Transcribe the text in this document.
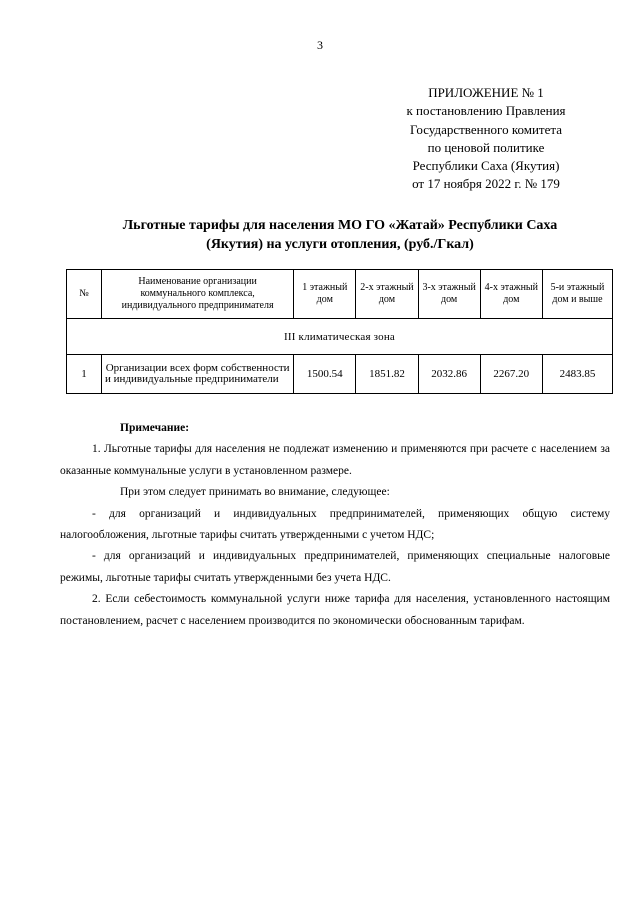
3
ПРИЛОЖЕНИЕ № 1
к постановлению Правления
Государственного комитета
по ценовой политике
Республики Саха (Якутия)
от 17 ноября 2022 г. № 179
Льготные тарифы для населения МО ГО «Жатай» Республики Саха
(Якутия) на услуги отопления, (руб./Гкал)
№	Наименование организации коммунального комплекса, индивидуального предпринимателя	1 этажный дом	2-х этажный дом	3-х этажный дом	4-х этажный дом	5-и этажный дом и выше
III климатическая зона						
1	Организации всех форм собственности и индивидуальные предприниматели	1500.54	1851.82	2032.86	2267.20	2483.85
Примечание:

1. Льготные тарифы для населения не подлежат изменению и применяются при расчете с населением за оказанные коммунальные услуги в установленном размере.

При этом следует принимать во внимание, следующее:

- для организаций и индивидуальных предпринимателей, применяющих общую систему налогообложения, льготные тарифы считать утвержденными с учетом НДС;

- для организаций и индивидуальных предпринимателей, применяющих специальные налоговые режимы, льготные тарифы считать утвержденными без учета НДС.

2. Если себестоимость коммунальной услуги ниже тарифа для населения, установленного настоящим постановлением, расчет с населением производится по экономически обоснованным тарифам.
